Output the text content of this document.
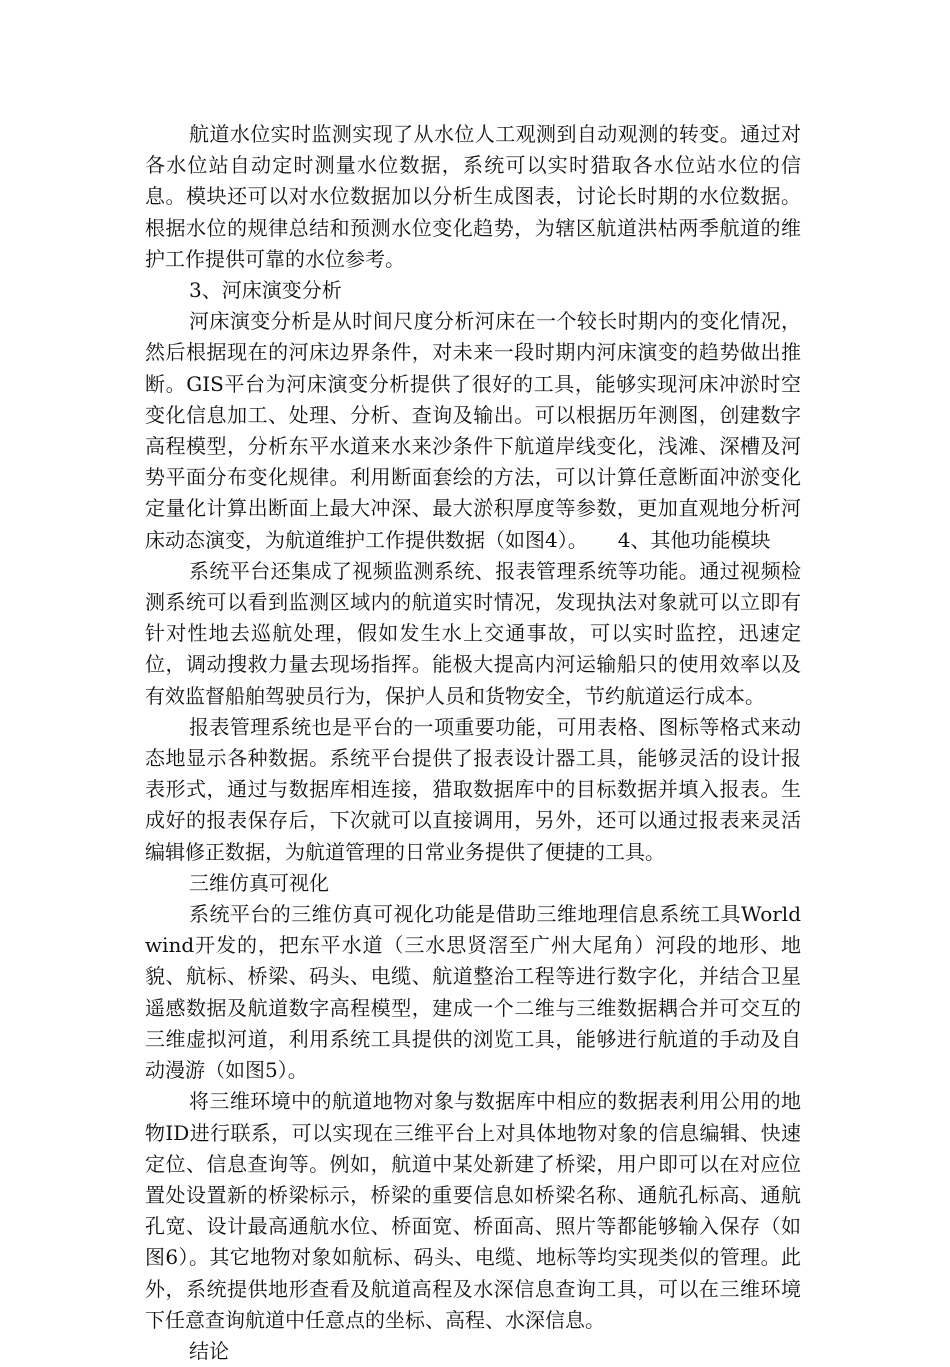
航道水位实时监测实现了从水位人工观测到自动观测的转变。通过对各水位站自动定时测量水位数据，系统可以实时猎取各水位站水位的信息。模块还可以对水位数据加以分析生成图表，讨论长时期的水位数据。根据水位的规律总结和预测水位变化趋势，为辖区航道洪枯两季航道的维护工作提供可靠的水位参考。

3、河床演变分析

河床演变分析是从时间尺度分析河床在一个较长时期内的变化情况，然后根据现在的河床边界条件，对未来一段时期内河床演变的趋势做出推断。GIS平台为河床演变分析提供了很好的工具，能够实现河床冲淤时空变化信息加工、处理、分析、查询及输出。可以根据历年测图，创建数字高程模型，分析东平水道来水来沙条件下航道岸线变化，浅滩、深槽及河势平面分布变化规律。利用断面套绘的方法，可以计算任意断面冲淤变化定量化计算出断面上最大冲深、最大淤积厚度等参数，更加直观地分析河床动态演变，为航道维护工作提供数据（如图4）。　　4、其他功能模块

系统平台还集成了视频监测系统、报表管理系统等功能。通过视频检测系统可以看到监测区域内的航道实时情况，发现执法对象就可以立即有针对性地去巡航处理，假如发生水上交通事故，可以实时监控，迅速定位，调动搜救力量去现场指挥。能极大提高内河运输船只的使用效率以及有效监督船舶驾驶员行为，保护人员和货物安全，节约航道运行成本。

报表管理系统也是平台的一项重要功能，可用表格、图标等格式来动态地显示各种数据。系统平台提供了报表设计器工具，能够灵活的设计报表形式，通过与数据库相连接，猎取数据库中的目标数据并填入报表。生成好的报表保存后，下次就可以直接调用，另外，还可以通过报表来灵活编辑修正数据，为航道管理的日常业务提供了便捷的工具。

三维仿真可视化

系统平台的三维仿真可视化功能是借助三维地理信息系统工具World wind开发的，把东平水道（三水思贤滘至广州大尾角）河段的地形、地貌、航标、桥梁、码头、电缆、航道整治工程等进行数字化，并结合卫星遥感数据及航道数字高程模型，建成一个二维与三维数据耦合并可交互的三维虚拟河道，利用系统工具提供的浏览工具，能够进行航道的手动及自动漫游（如图5）。

将三维环境中的航道地物对象与数据库中相应的数据表利用公用的地物ID进行联系，可以实现在三维平台上对具体地物对象的信息编辑、快速定位、信息查询等。例如，航道中某处新建了桥梁，用户即可以在对应位置处设置新的桥梁标示，桥梁的重要信息如桥梁名称、通航孔标高、通航孔宽、设计最高通航水位、桥面宽、桥面高、照片等都能够输入保存（如图6）。其它地物对象如航标、码头、电缆、地标等均实现类似的管理。此外，系统提供地形查看及航道高程及水深信息查询工具，可以在三维环境下任意查询航道中任意点的坐标、高程、水深信息。

结论
